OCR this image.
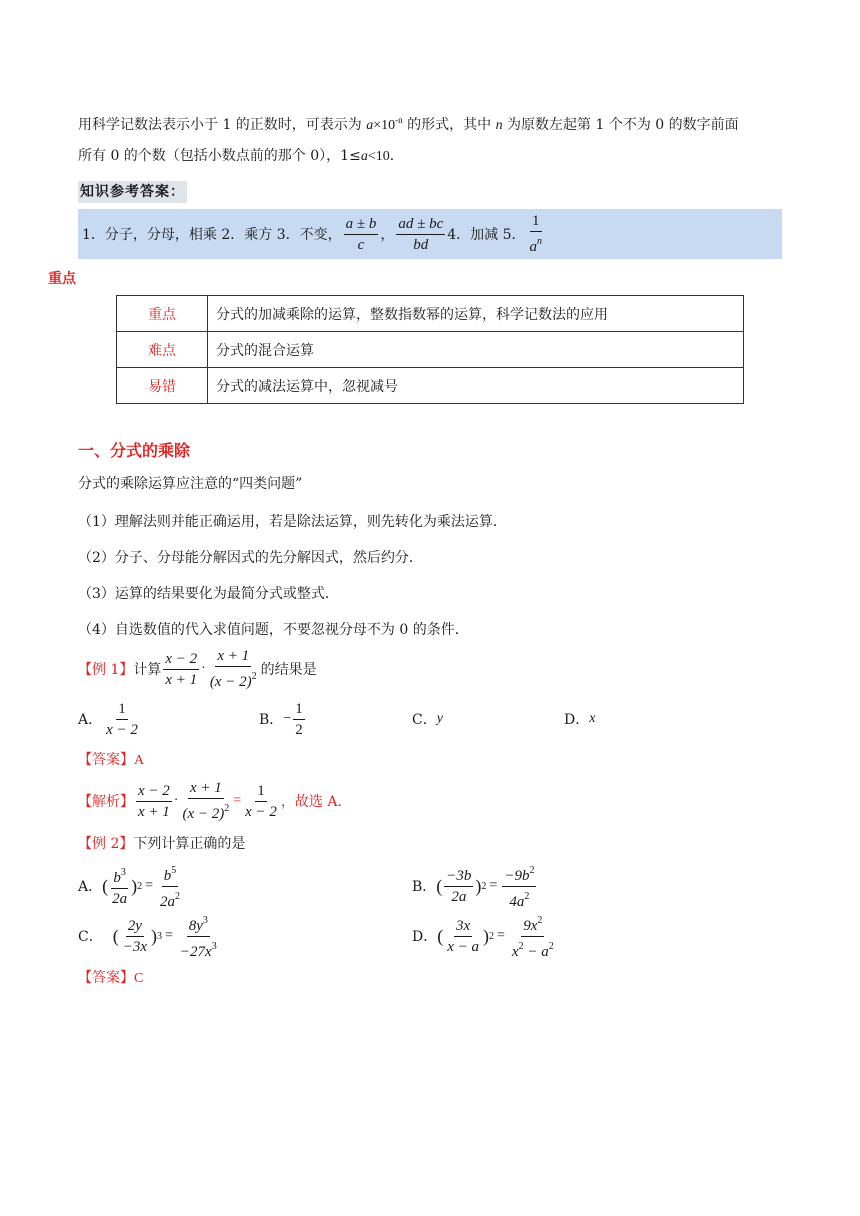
用科学记数法表示小于 1 的正数时，可表示为 $a\times 10^{-n}$ 的形式，其中 n 为原数左起第 1 个不为 0 的数字前面
所有 0 的个数（包括小数点前的那个 0），1≤a<10．
知识参考答案：
1．分子，分母，相乘 2．乘方 3．不变， $\frac{a \pm b}{c}$ ， $\frac{ad \pm bc}{bd} 4$．加减 5． $\frac{1}{a^n}$
重点
重点	分式的加减乘除的运算，整数指数幂的运算，科学记数法的应用
难点	分式的混合运算
易错	分式的减法运算中，忽视减号
一、分式的乘除
分式的乘除运算应注意的“四类问题”
（1）理解法则并能正确运用，若是除法运算，则先转化为乘法运算．
（2）分子、分母能分解因式的先分解因式，然后约分．
（3）运算的结果要化为最简分式或整式．
（4）自选数值的代入求值问题，不要忽视分母不为 0 的条件．
【例 1】 计算 $\frac{x - 2}{x + 1} \cdot \frac{x + 1}{(x - 2)^2}$ 的结果是
A． $\frac{1}{x - 2}$	B． − $\frac{1}{2}$	C． y	D． x
【答案】A
【解析】 $\frac{x - 2}{x + 1} \cdot \frac{x + 1}{(x - 2)^2} = \frac{1}{x - 2}$ ，故选 A．
【例 2】下列计算正确的是
A． ( $\frac{b^3}{2a}$ ) $2 = \frac{b^5}{2a^2}$	B． ( $\frac{-3b}{2a}$ ) $2 = \frac{-9b^2}{4a^2}$
C． ( $\frac{2y}{-3x}$ ) $3 = \frac{8y^3}{-27x^3}$	D． ( $\frac{3x}{x - a}$ ) $2 = \frac{9x^2}{x^2 - a^2}$
【答案】C
